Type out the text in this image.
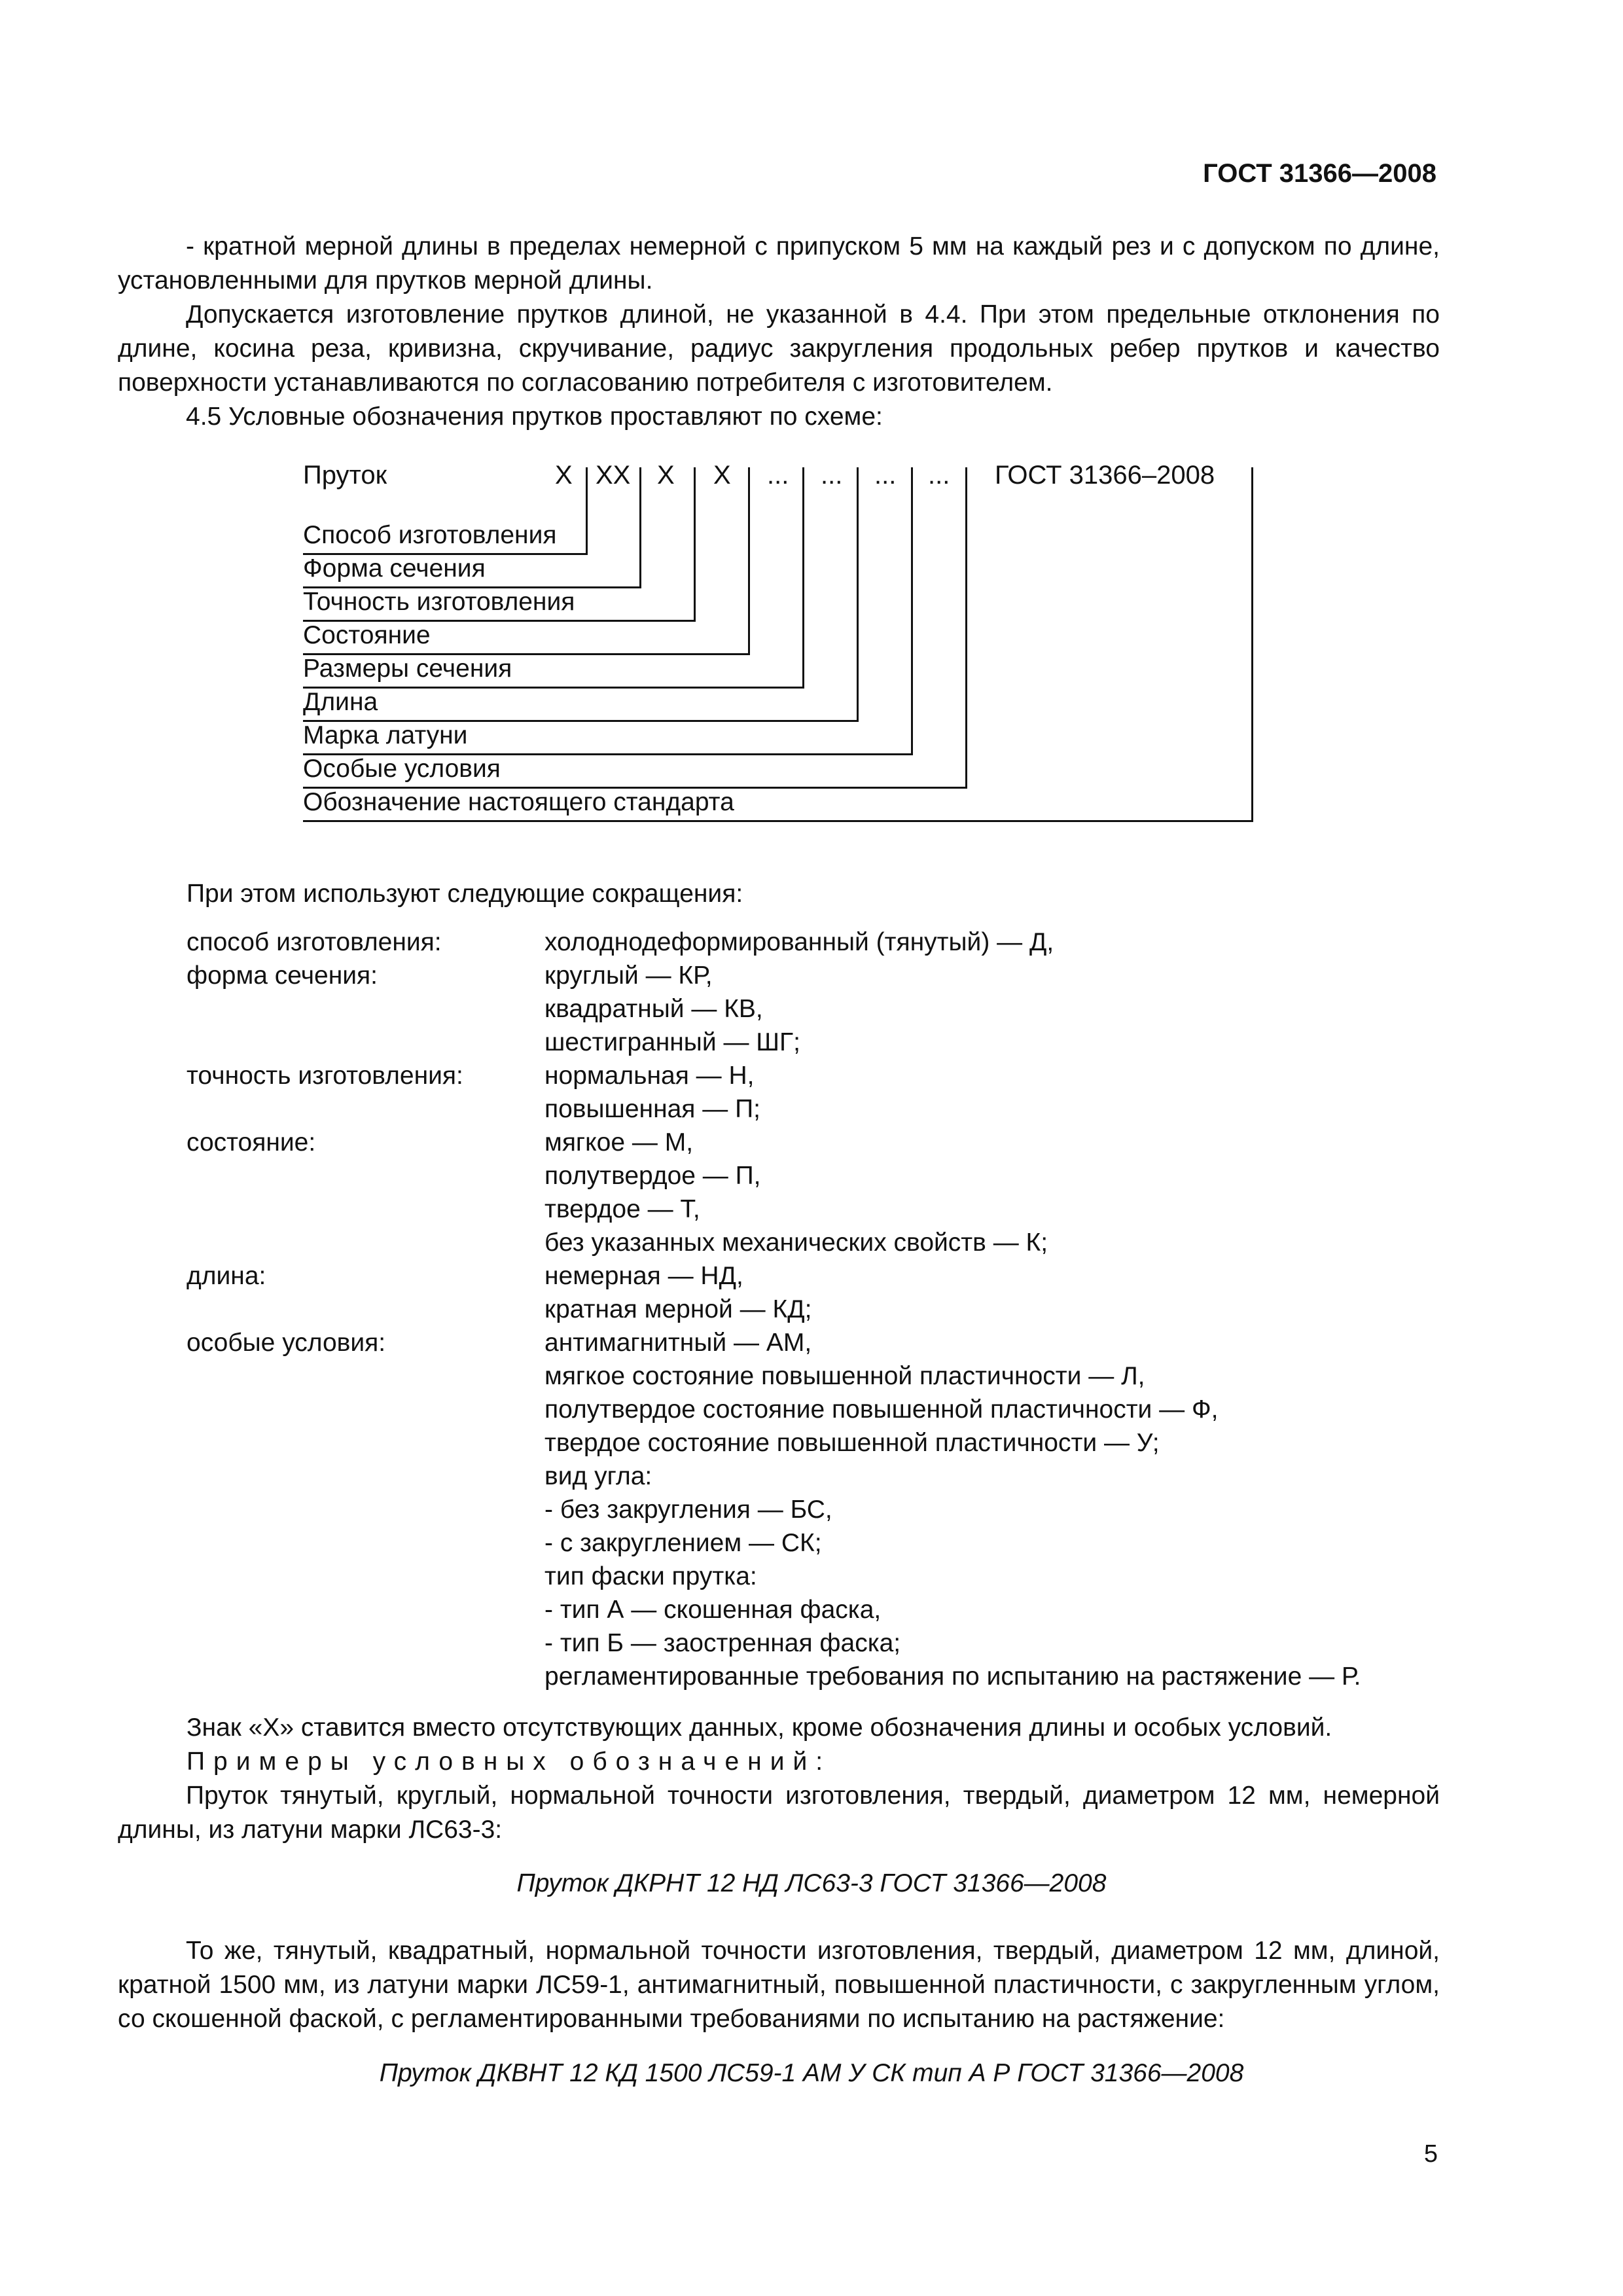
ГОСТ 31366—2008

- кратной мерной длины в пределах немерной с припуском 5 мм на каждый рез и с допуском по длине, установленными для прутков мерной длины.

Допускается изготовление прутков длиной, не указанной в 4.4. При этом предельные отклонения по длине, косина реза, кривизна, скручивание, радиус закругления продольных ребер прутков и качество поверхности устанавливаются по согласованию потребителя с изготовителем.

4.5 Условные обозначения прутков проставляют по схеме:

Пруток	Х ХХ Х Х ... ... ... ... ГОСТ 31366–2008
Способ изготовления
Форма сечения
Точность изготовления
Состояние
Размеры сечения
Длина
Марка латуни
Особые условия
Обозначение настоящего стандарта
При этом используют следующие сокращения:
способ изготовления:
форма сечения:
точность изготовления:
состояние:
длина:
особые условия:
холоднодеформированный (тянутый) — Д,
круглый — КР,
квадратный — КВ,
шестигранный — ШГ;
нормальная — Н,
повышенная — П;
мягкое — М,
полутвердое — П,
твердое — Т,
без указанных механических свойств — К;
немерная — НД,
кратная мерной — КД;
антимагнитный — АМ,
мягкое состояние повышенной пластичности — Л,
полутвердое состояние повышенной пластичности — Ф,
твердое состояние повышенной пластичности — У;
вид угла:
- без закругления — БС,
- с закруглением — СК;
тип фаски прутка:
- тип А — скошенная фаска,
- тип Б — заостренная фаска;
регламентированные требования по испытанию на растяжение — Р.
Знак «Х» ставится вместо отсутствующих данных, кроме обозначения длины и особых условий.
Примеры условных обозначений:

Пруток тянутый, круглый, нормальной точности изготовления, твердый, диаметром 12 мм, немерной длины, из латуни марки ЛС63-3:

Пруток ДКРНТ 12 НД ЛС63-3 ГОСТ 31366—2008

То же, тянутый, квадратный, нормальной точности изготовления, твердый, диаметром 12 мм, длиной, кратной 1500 мм, из латуни марки ЛС59-1, антимагнитный, повышенной пластичности, с закругленным углом, со скошенной фаской, с регламентированными требованиями по испытанию на растяжение:

Пруток ДКВНТ 12 КД 1500 ЛС59-1 АМ У СК тип А Р ГОСТ 31366—2008
5
